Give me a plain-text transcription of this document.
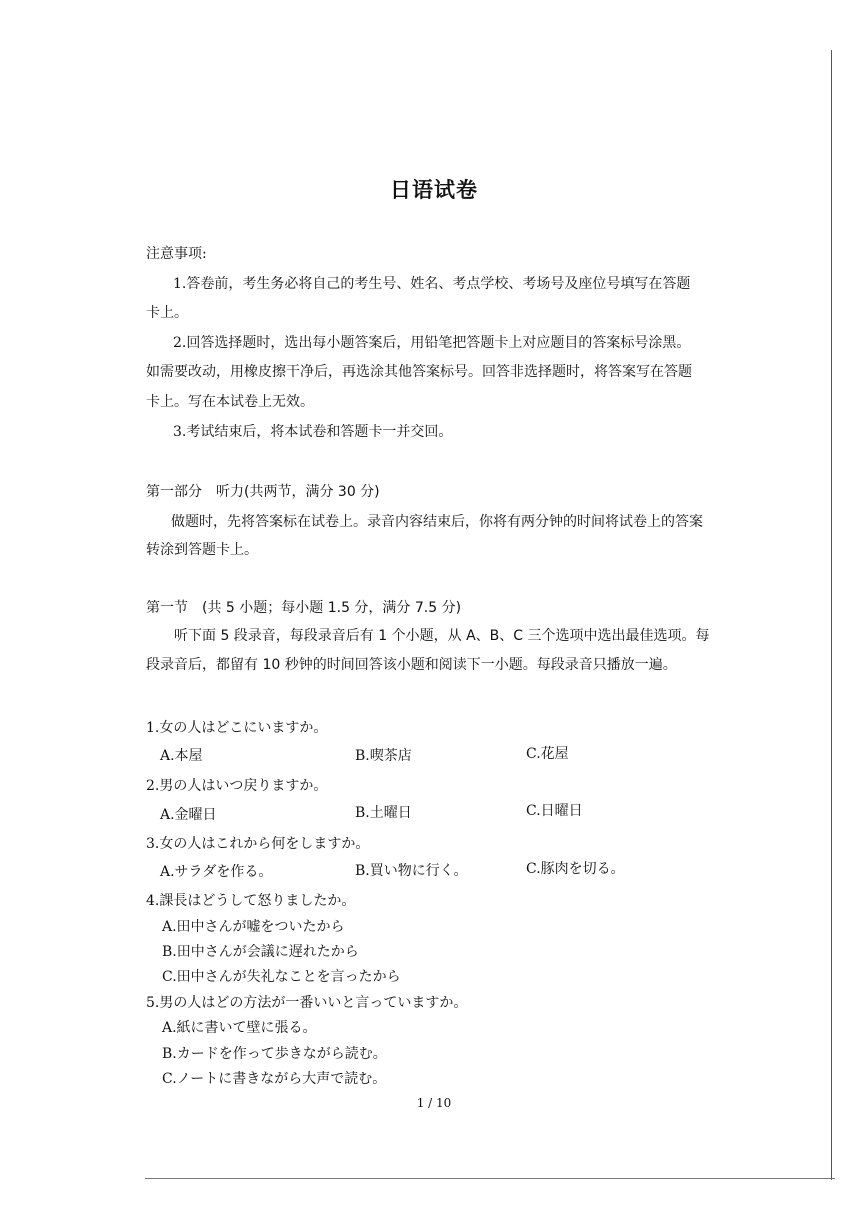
日语试卷
注意事项:
1.答卷前，考生务必将自己的考生号、姓名、考点学校、考场号及座位号填写在答题
卡上。
2.回答选择题时，选出每小题答案后，用铅笔把答题卡上对应题目的答案标号涂黑。
如需要改动，用橡皮擦干净后，再选涂其他答案标号。回答非选择题时，将答案写在答题
卡上。写在本试卷上无效。
3.考试结束后，将本试卷和答题卡一并交回。
第一部分　听力(共两节，满分 30 分)
做题时，先将答案标在试卷上。录音内容结束后，你将有两分钟的时间将试卷上的答案
转涂到答题卡上。
第一节　(共 5 小题；每小题 1.5 分，满分 7.5 分)
听下面 5 段录音，每段录音后有 1 个小题，从 A、B、C 三个选项中选出最佳选项。每
段录音后，都留有 10 秒钟的时间回答该小题和阅读下一小题。每段录音只播放一遍。
1.女の人はどこにいますか。
A.本屋	B.喫茶店	C.花屋
2.男の人はいつ戻りますか。
A.金曜日	B.土曜日	C.日曜日
3.女の人はこれから何をしますか。
A.サラダを作る。	B.買い物に行く。	C.豚肉を切る。
4.課長はどうして怒りましたか。
A.田中さんが嘘をついたから
B.田中さんが会議に遅れたから
C.田中さんが失礼なことを言ったから
5.男の人はどの方法が一番いいと言っていますか。
A.紙に書いて壁に張る。
B.カードを作って歩きながら読む。
C.ノートに書きながら大声で読む。
1 / 10
